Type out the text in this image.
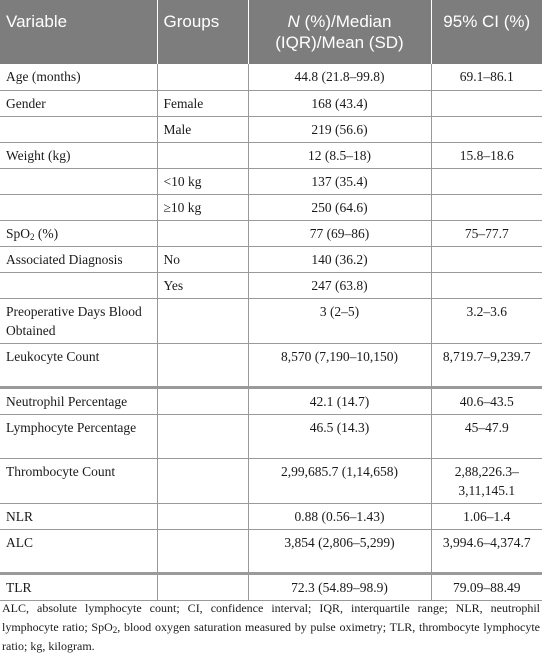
Variable	Groups	N (%)/Median (IQR)/Mean (SD)	95% CI (%)
Age (months)		44.8 (21.8–99.8)	69.1–86.1
Gender	Female	168 (43.4)	
	Male	219 (56.6)	
Weight (kg)		12 (8.5–18)	15.8–18.6
	<10 kg	137 (35.4)	
	≥10 kg	250 (64.6)	
SpO$_2$ (%)		77 (69–86)	75–77.7
Associated Diagnosis	No	140 (36.2)	
	Yes	247 (63.8)	
Preoperative Days Blood Obtained		3 (2–5)	3.2–3.6
Leukocyte Count		8,570 (7,190–10,150)	8,719.7–9,239.7
Neutrophil Percentage		42.1 (14.7)	40.6–43.5
Lymphocyte Percentage		46.5 (14.3)	45–47.9
Thrombocyte Count		2,99,685.7 (1,14,658)	2,88,226.3–3,11,145.1
NLR		0.88 (0.56–1.43)	1.06–1.4
ALC		3,854 (2,806–5,299)	3,994.6–4,374.7
TLR		72.3 (54.89–98.9)	79.09–88.49

ALC, absolute lymphocyte count; CI, confidence interval; IQR, interquartile range; NLR, neutrophil lymphocyte ratio; SpO$_2$, blood oxygen saturation measured by pulse oximetry; TLR, thrombocyte lymphocyte ratio; kg, kilogram.
